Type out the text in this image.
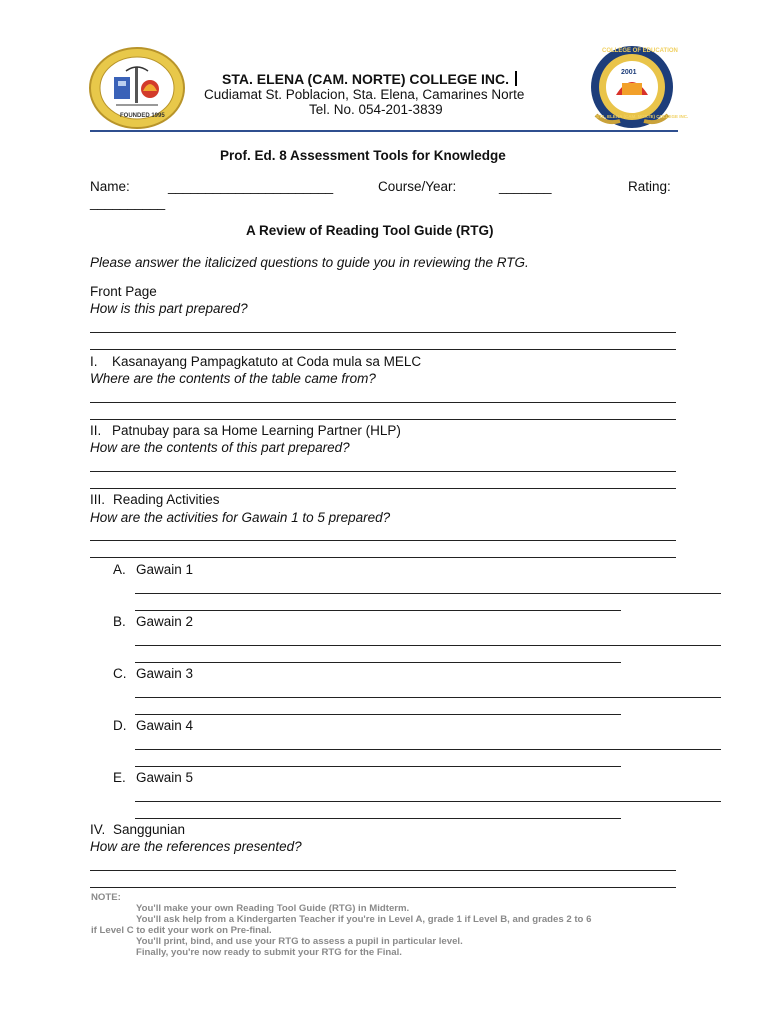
FOUNDED 1995
COLLEGE OF EDUCATION
2001
STA. ELENA (CAM. NORTE) COLLEGE INC.
STA. ELENA (CAM. NORTE) COLLEGE INC.
Cudiamat St. Poblacion, Sta. Elena, Camarines Norte
Tel. No. 054-201-3839
Prof. Ed. 8 Assessment Tools for Knowledge
Name:	______________________	Course/Year:	_______	Rating:
__________
A Review of Reading Tool Guide (RTG)
Please answer the italicized questions to guide you in reviewing the RTG.
Front Page
How is this part prepared?
I. Kasanayang Pampagkatuto at Coda mula sa MELC
Where are the contents of the table came from?
II. Patnubay para sa Home Learning Partner (HLP)
How are the contents of this part prepared?
III. Reading Activities
How are the activities for Gawain 1 to 5 prepared?
A. Gawain 1
B. Gawain 2
C. Gawain 3
D. Gawain 4
E. Gawain 5
IV. Sanggunian
How are the references presented?
NOTE:
You'll make your own Reading Tool Guide (RTG) in Midterm.
You'll ask help from a Kindergarten Teacher if you're in Level A, grade 1 if Level B, and grades 2 to 6
if Level C to edit your work on Pre-final.
You'll print, bind, and use your RTG to assess a pupil in particular level.
Finally, you're now ready to submit your RTG for the Final.
